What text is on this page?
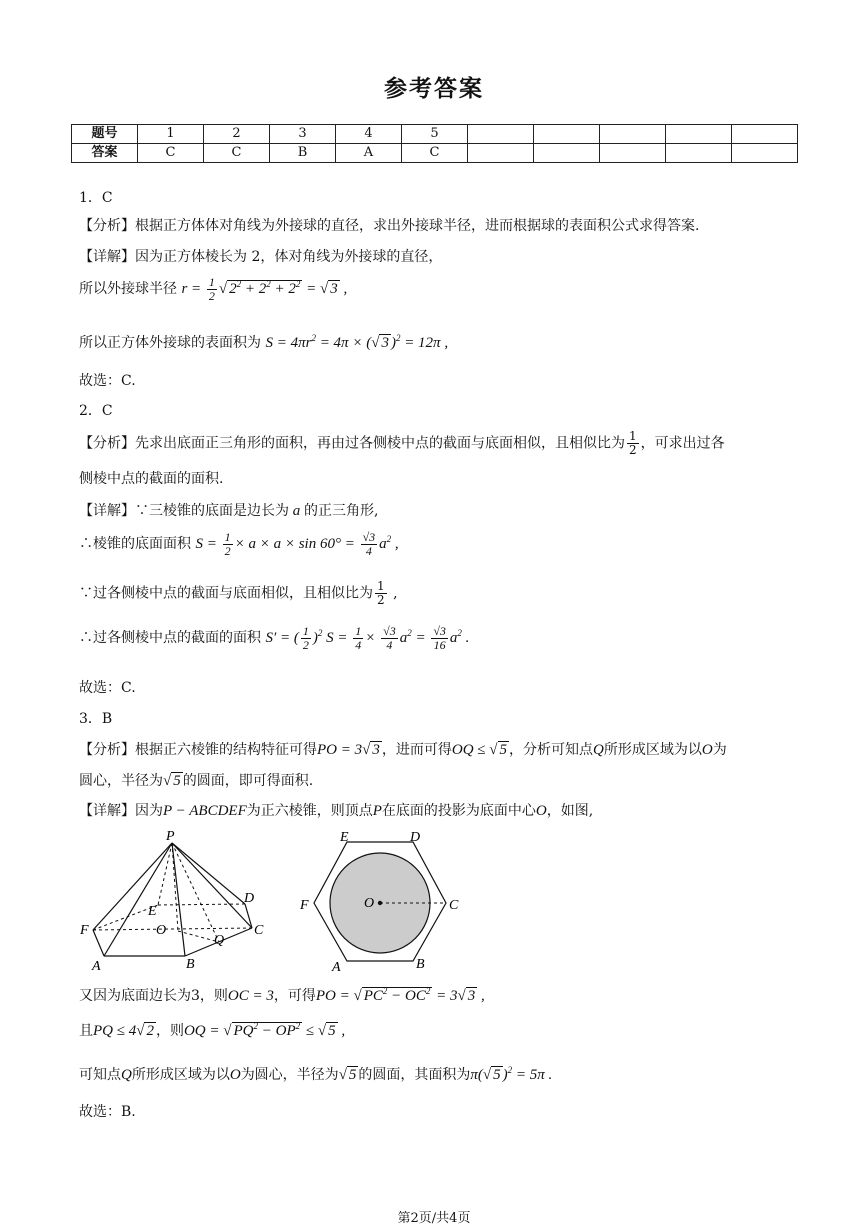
参考答案
题号	1	2	3	4	5					
答案	C	C	B	A	C					
1．C
【分析】根据正方体体对角线为外接球的直径，求出外接球半径，进而根据球的表面积公式求得答案.
【详解】因为正方体棱长为 2，体对角线为外接球的直径，
所以外接球半径 $r = \frac{1}{2}$ √ $2^2 + 2^2 + 2^2$ = √ 3 ,
所以正方体外接球的表面积为 $S = 4\pi r^2 = 4\pi$ × (√ 3 )$^2$ = 12π ,
故选：C.
2．C
【分析】先求出底面正三角形的面积，再由过各侧棱中点的截面与底面相似，且相似比为 $\frac{1}{2}$ ，可求出过各
侧棱中点的截面的面积.
【详解】∵三棱锥的底面是边长为 a 的正三角形,
∴棱锥的底面面积 $S = \frac{1}{2} \times a \times a \times \sin 60^\circ = \frac{√3}{4} a^2$ ,
∵过各侧棱中点的截面与底面相似，且相似比为 $\frac{1}{2}$ ,
∴过各侧棱中点的截面的面积 S′ = ( $\frac{1}{2} )^2$ $S = \frac{1}{4} \times \frac{√3}{4} a^2 = \frac{√3}{16} a^2$ .
故选：C.
3．B
【分析】根据正六棱锥的结构特征可得PO = 3√ 3 ，进而可得OQ ≤ √ 5 ，分析可知点Q所形成区域为以O为
圆心，半径为√ 5 的圆面，即可得面积.
【详解】因为P − ABCDEF为正六棱锥，则顶点P在底面的投影为底面中心O，如图,
P
E
D
F	O
Q
C
A	B
E	D
F	O	C
A	B
又因为底面边长为3，则OC = 3，可得PO = √ $PC^2 - OC^2 = 3√$ 3 ,
且PQ ≤ 4√ 2 ，则OQ = √ $PQ^2 - OP^2$ ≤ √ 5 ,
可知点Q所形成区域为以O为圆心，半径为√ 5 的圆面，其面积为π(√ 5 )$^2$ = 5π .
故选：B.
第2页/共4页
